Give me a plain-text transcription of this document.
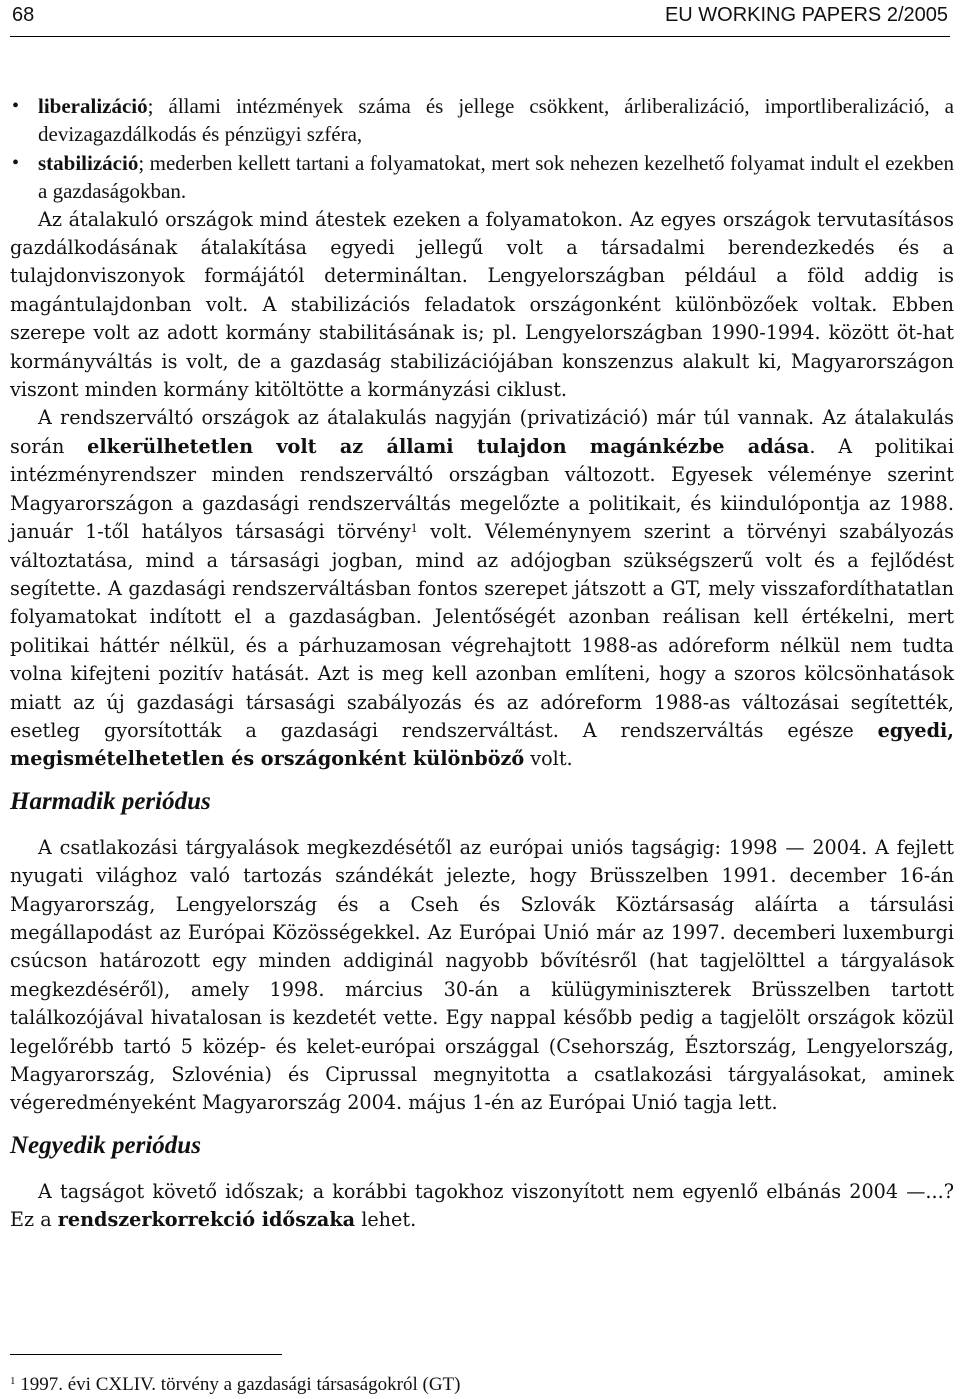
68	EU WORKING PAPERS 2/2005

• liberalizáció; állami intézmények száma és jellege csökkent, árliberalizáció, importliberalizáció, a devizagazdálkodás és pénzügyi szféra,

• stabilizáció; mederben kellett tartani a folyamatokat, mert sok nehezen kezelhető folyamat indult el ezekben a gazdaságokban.

Az átalakuló országok mind átestek ezeken a folyamatokon. Az egyes országok tervutasításos gazdálkodásának átalakítása egyedi jellegű volt a társadalmi berendezkedés és a tulajdonviszonyok formájától determináltan. Lengyelországban például a föld addig is magántulajdonban volt. A stabilizációs feladatok országonként különbözőek voltak. Ebben szerepe volt az adott kormány stabilitásának is; pl. Lengyelországban 1990-1994. között öt-hat kormányváltás is volt, de a gazdaság stabilizációjában konszenzus alakult ki, Magyarországon viszont minden kormány kitöltötte a kormányzási ciklust.

A rendszerváltó országok az átalakulás nagyján (privatizáció) már túl vannak. Az átalakulás során elkerülhetetlen volt az állami tulajdon magánkézbe adása. A politikai intézményrendszer minden rendszerváltó országban változott. Egyesek véleménye szerint Magyarországon a gazdasági rendszerváltás megelőzte a politikait, és kiindulópontja az 1988. január 1-től hatályos társasági törvény$^1$ volt. Véleménynyem szerint a törvényi szabályozás változtatása, mind a társasági jogban, mind az adójogban szükségszerű volt és a fejlődést segítette. A gazdasági rendszerváltásban fontos szerepet játszott a GT, mely visszafordíthatatlan folyamatokat indított el a gazdaságban. Jelentőségét azonban reálisan kell értékelni, mert politikai háttér nélkül, és a párhuzamosan végrehajtott 1988-as adóreform nélkül nem tudta volna kifejteni pozitív hatását. Azt is meg kell azonban említeni, hogy a szoros kölcsönhatások miatt az új gazdasági társasági szabályozás és az adóreform 1988-as változásai segítették, esetleg gyorsították a gazdasági rendszerváltást. A rendszerváltás egésze egyedi, megismételhetetlen és országonként különböző volt.

Harmadik periódus

A csatlakozási tárgyalások megkezdésétől az európai uniós tagságig: 1998 — 2004. A fejlett nyugati világhoz való tartozás szándékát jelezte, hogy Brüsszelben 1991. december 16-án Magyarország, Lengyelország és a Cseh és Szlovák Köztársaság aláírta a társulási megállapodást az Európai Közösségekkel. Az Európai Unió már az 1997. decemberi luxemburgi csúcson határozott egy minden addiginál nagyobb bővítésről (hat tagjelölttel a tárgyalások megkezdéséről), amely 1998. március 30-án a külügyminiszterek Brüsszelben tartott találkozójával hivatalosan is kezdetét vette. Egy nappal később pedig a tagjelölt országok közül legelőrébb tartó 5 közép- és kelet-európai országgal (Csehország, Észtország, Lengyelország, Magyarország, Szlovénia) és Ciprussal megnyitotta a csatlakozási tárgyalásokat, aminek végeredményeként Magyarország 2004. május 1-én az Európai Unió tagja lett.

Negyedik periódus

A tagságot követő időszak; a korábbi tagokhoz viszonyított nem egyenlő elbánás 2004 —...? Ez a rendszerkorrekció időszaka lehet.

$^1$ 1997. évi CXLIV. törvény a gazdasági társaságokról (GT)
